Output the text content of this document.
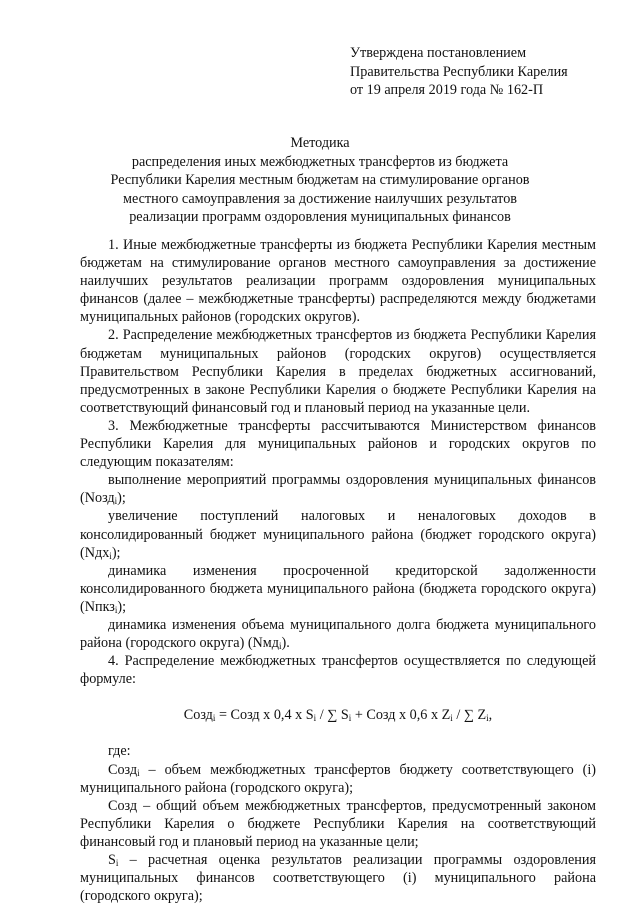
Утверждена постановлением
Правительства Республики Карелия
от 19 апреля 2019 года № 162-П
Методика
распределения иных межбюджетных трансфертов из бюджета
Республики Карелия местным бюджетам на стимулирование органов
местного самоуправления за достижение наилучших результатов
реализации программ оздоровления муниципальных финансов

1. Иные межбюджетные трансферты из бюджета Республики Карелия местным бюджетам на стимулирование органов местного самоуправления за достижение наилучших результатов реализации программ оздоровления муниципальных финансов (далее – межбюджетные трансферты) распределяются между бюджетами муниципальных районов (городских округов).

2. Распределение межбюджетных трансфертов из бюджета Республики Карелия бюджетам муниципальных районов (городских округов) осуществляется Правительством Республики Карелия в пределах бюджетных ассигнований, предусмотренных в законе Республики Карелия о бюджете Республики Карелия на соответствующий финансовый год и плановый период на указанные цели.

3. Межбюджетные трансферты рассчитываются Министерством финансов Республики Карелия для муниципальных районов и городских округов по следующим показателям:

выполнение мероприятий программы оздоровления муниципальных финансов (Nозд$_i$);

увеличение поступлений налоговых и неналоговых доходов в консолидированный бюджет муниципального района (бюджет городского округа) (Nдх$_i$);

динамика изменения просроченной кредиторской задолженности консолидированного бюджета муниципального района (бюджета городского округа) (Nпкз$_i$);

динамика изменения объема муниципального долга бюджета муниципального района (городского округа) (Nмд$_i$).

4. Распределение межбюджетных трансфертов осуществляется по следующей формуле:

Созд$_i$ = Созд х 0,4 х $S_i$ / ∑ $S_i$ + Созд х 0,6 х $Z_i$ / ∑ $Z_i$,

где:

Созд$_i$ – объем межбюджетных трансфертов бюджету соответствующего (i) муниципального района (городского округа);

Созд – общий объем межбюджетных трансфертов, предусмотренный законом Республики Карелия о бюджете Республики Карелия на соответствующий финансовый год и плановый период на указанные цели;

$S_i$ – расчетная оценка результатов реализации программы оздоровления муниципальных финансов соответствующего (i) муниципального района (городского округа);
